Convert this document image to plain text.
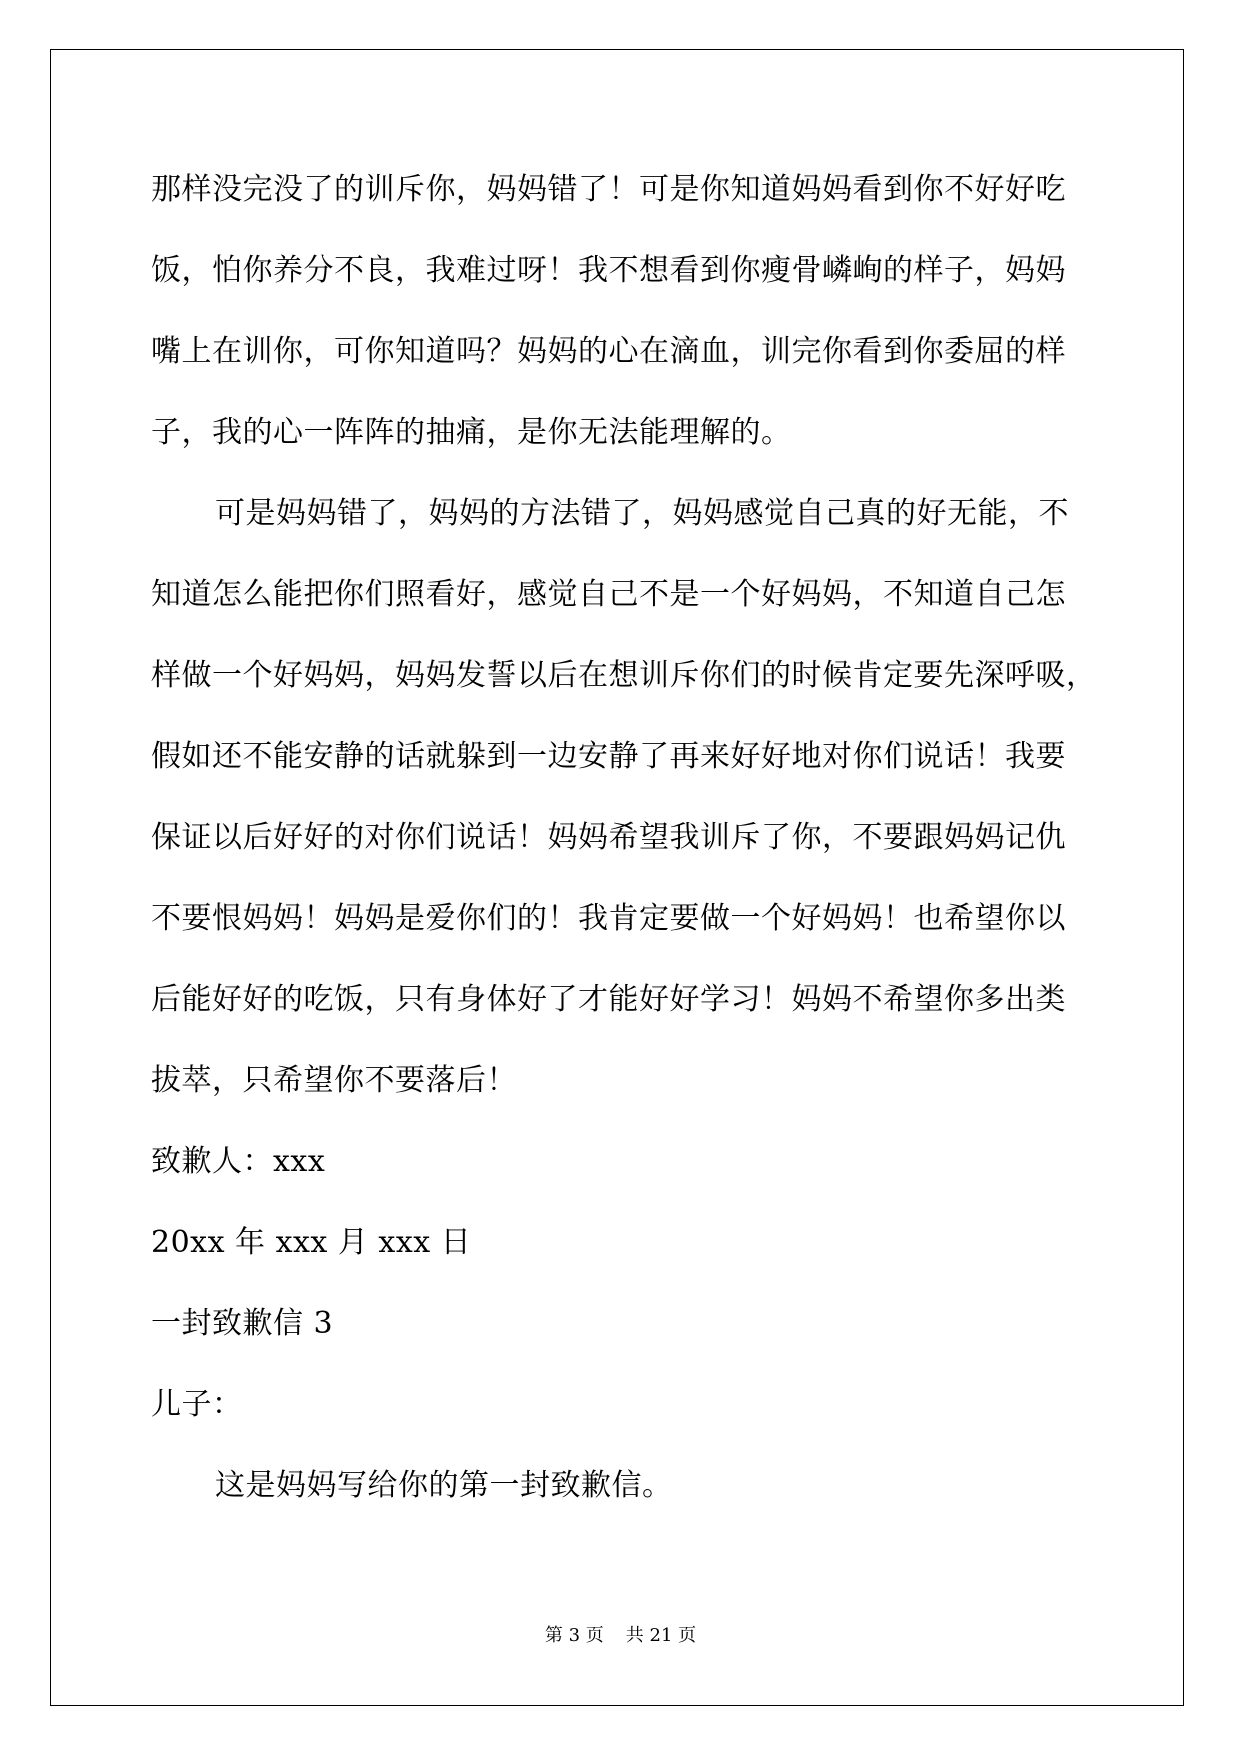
那样没完没了的训斥你，妈妈错了！可是你知道妈妈看到你不好好吃
饭，怕你养分不良，我难过呀！我不想看到你瘦骨嶙峋的样子，妈妈
嘴上在训你，可你知道吗？妈妈的心在滴血，训完你看到你委屈的样
子，我的心一阵阵的抽痛，是你无法能理解的。
可是妈妈错了，妈妈的方法错了，妈妈感觉自己真的好无能，不
知道怎么能把你们照看好，感觉自己不是一个好妈妈，不知道自己怎
样做一个好妈妈，妈妈发誓以后在想训斥你们的时候肯定要先深呼吸，
假如还不能安静的话就躲到一边安静了再来好好地对你们说话！我要
保证以后好好的对你们说话！妈妈希望我训斥了你，不要跟妈妈记仇
不要恨妈妈！妈妈是爱你们的！我肯定要做一个好妈妈！也希望你以
后能好好的吃饭，只有身体好了才能好好学习！妈妈不希望你多出类
拔萃，只希望你不要落后！
致歉人：xxx
20xx 年 xxx 月 xxx 日
一封致歉信 3
儿子：
这是妈妈写给你的第一封致歉信。
第 3 页 共 21 页
